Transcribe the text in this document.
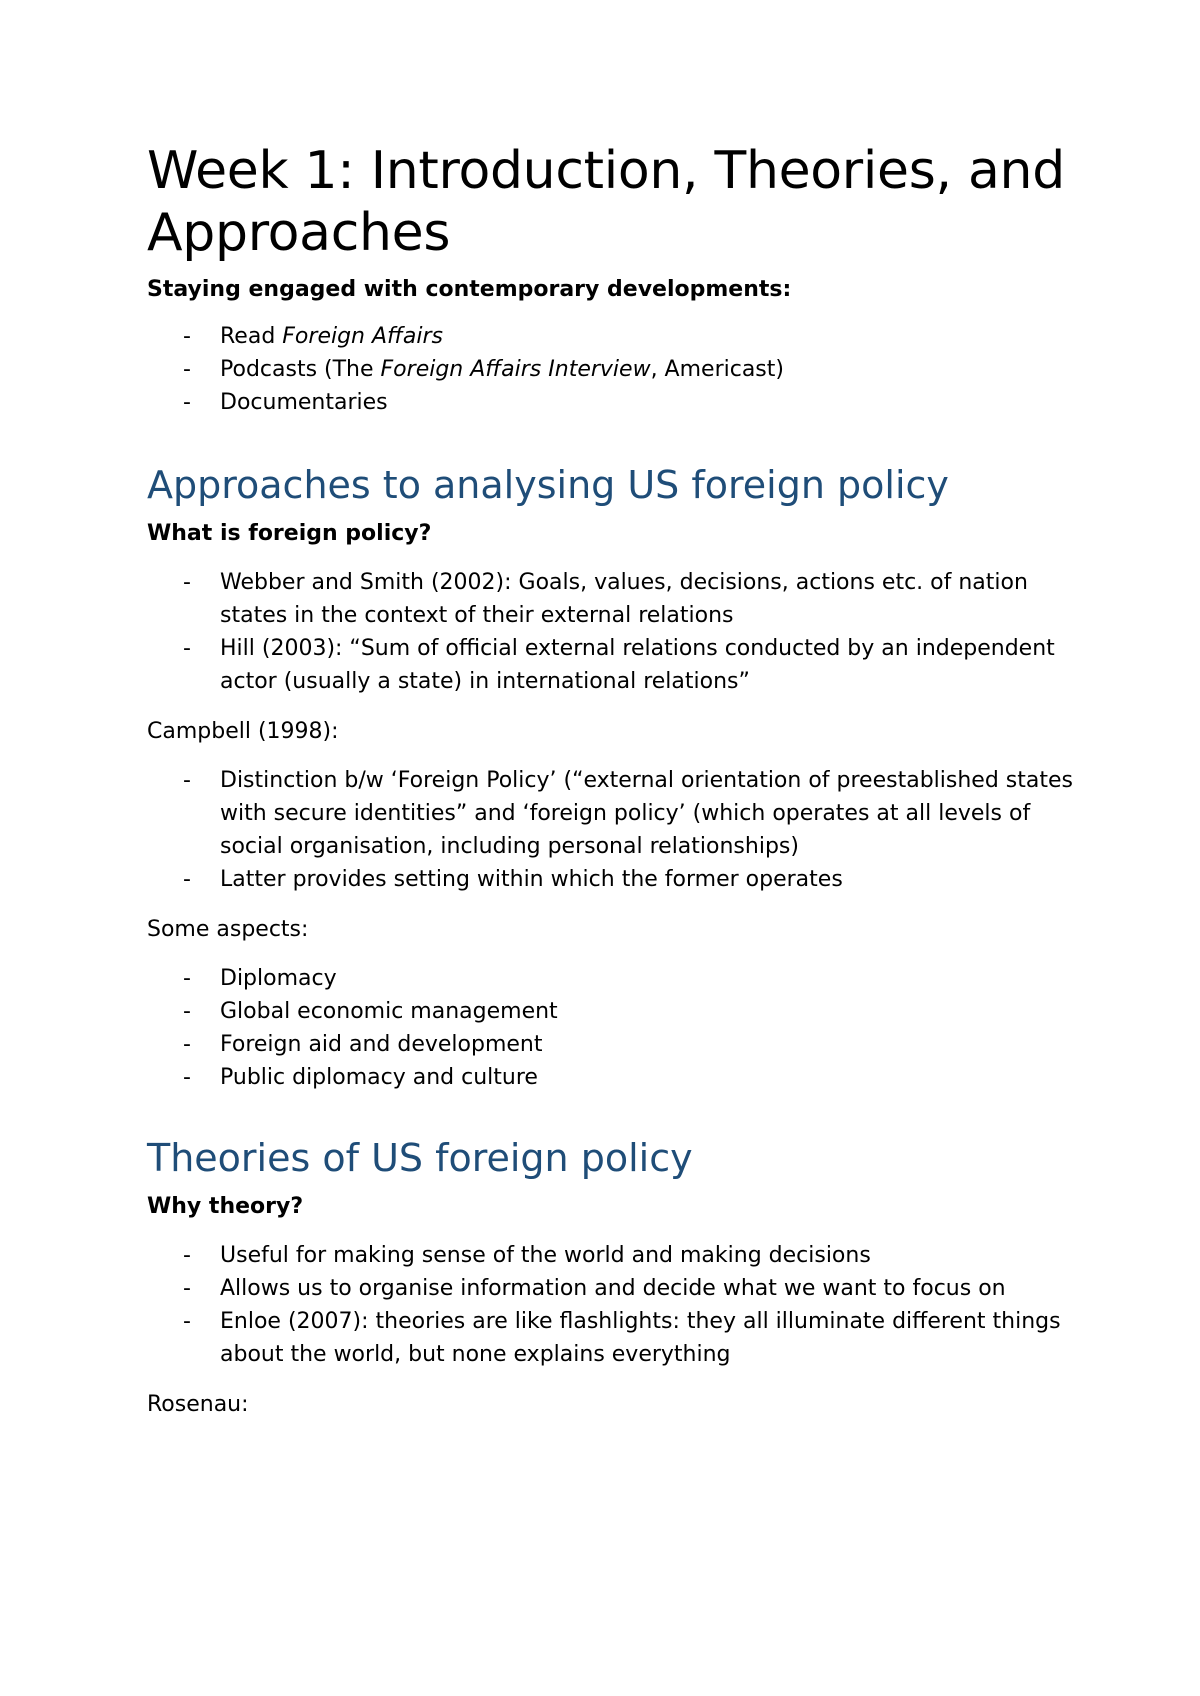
Week 1: Introduction, Theories, and Approaches

Staying engaged with contemporary developments:

- Read Foreign Affairs
- Podcasts (The Foreign Affairs Interview, Americast)
- Documentaries
Approaches to analysing US foreign policy

What is foreign policy?

- Webber and Smith (2002): Goals, values, decisions, actions etc. of nation states in the context of their external relations
- Hill (2003): “Sum of official external relations conducted by an independent actor (usually a state) in international relations”

Campbell (1998):

- Distinction b/w ‘Foreign Policy’ (“external orientation of preestablished states with secure identities” and ‘foreign policy’ (which operates at all levels of social organisation, including personal relationships)
- Latter provides setting within which the former operates

Some aspects:

- Diplomacy
- Global economic management
- Foreign aid and development
- Public diplomacy and culture
Theories of US foreign policy

Why theory?

- Useful for making sense of the world and making decisions
- Allows us to organise information and decide what we want to focus on
- Enloe (2007): theories are like flashlights: they all illuminate different things about the world, but none explains everything

Rosenau:
